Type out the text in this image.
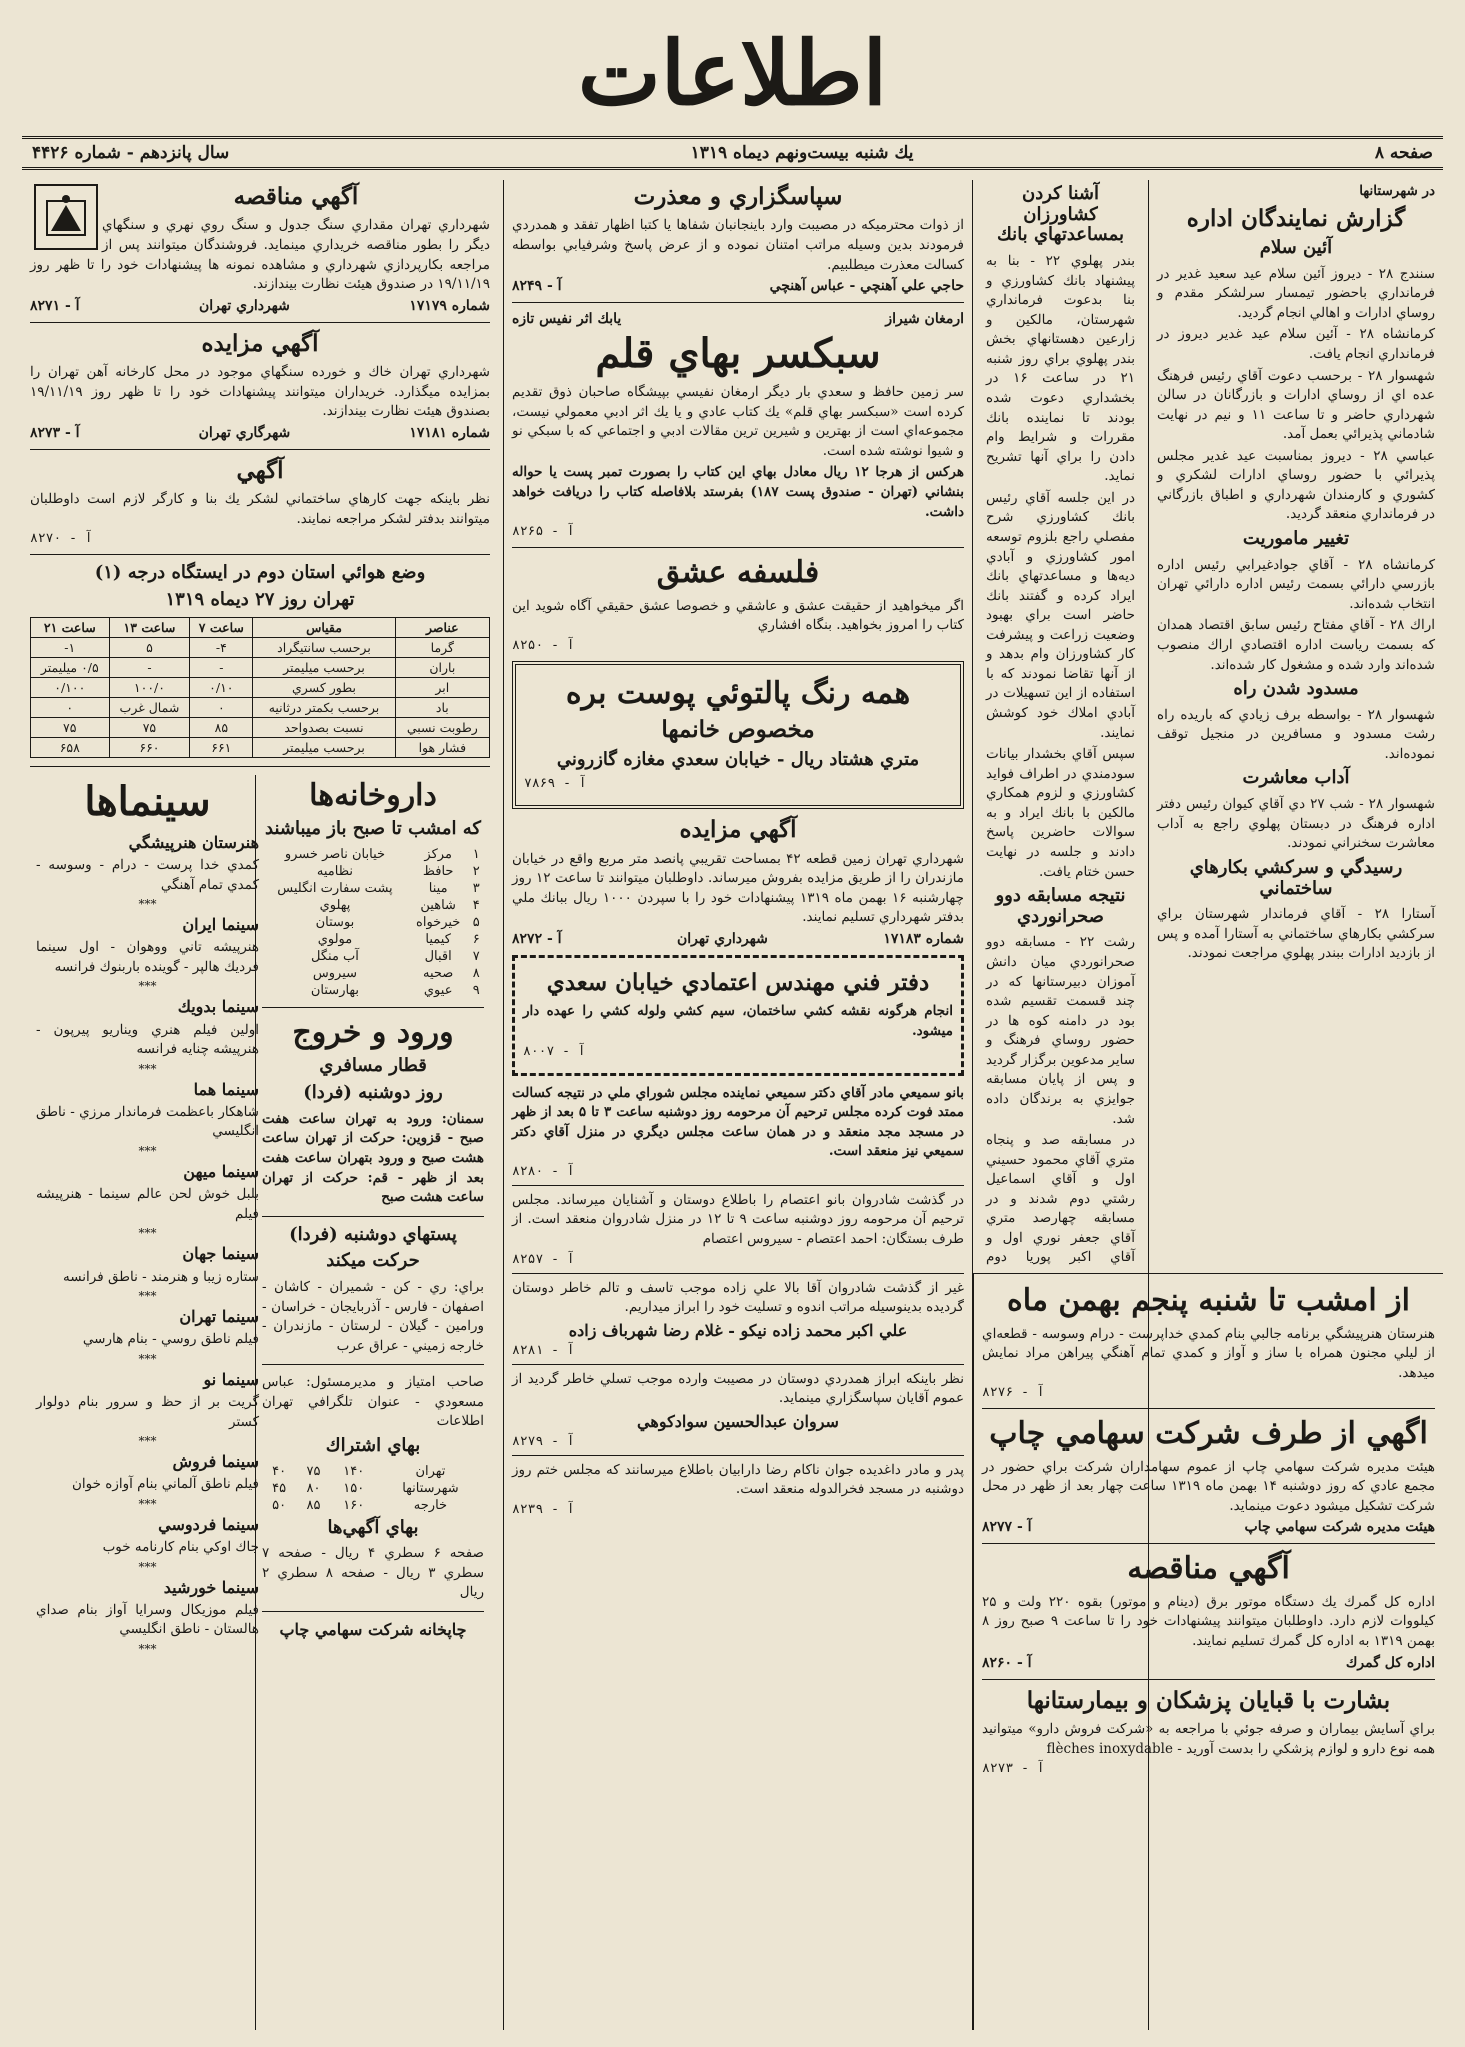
اطلاعات
صفحه ۸
يك شنبه بيست‌ونهم دیماه ۱۳۱۹
سال پانزدهم - شماره ۴۴۲۶
در شهرستانها
گزارش نمايندگان اداره
آئين سلام

سنندج ۲۸ - ديروز آئين سلام عيد سعيد غدير در فرمانداري باحضور تيمسار سرلشكر مقدم و روساي ادارات و اهالي انجام گرديد.

كرمانشاه ۲۸ - آئين سلام عيد غدير ديروز در فرمانداري انجام يافت.

شهسوار ۲۸ - برحسب دعوت آقاي رئيس فرهنگ عده اي از روساي ادارات و بازرگانان در سالن شهرداري حاضر و تا ساعت ۱۱ و نيم در نهايت شادماني پذيرائي بعمل آمد.

عباسي ۲۸ - ديروز بمناسبت عيد غدير مجلس پذيرائي با حضور روساي ادارات لشكري و كشوري و كارمندان شهرداري و اطباق بازرگاني در فرمانداري منعقد گرديد.

تغيير ماموريت

كرمانشاه ۲۸ - آقاي جوادغيرابي رئيس اداره بازرسي دارائي بسمت رئيس اداره دارائي تهران انتخاب شده‌اند.

اراك ۲۸ - آقاي مفتاح رئيس سابق اقتصاد همدان كه بسمت رياست اداره اقتصادي اراك منصوب شده‌اند وارد شده و مشغول كار شده‌اند.

مسدود شدن راه

شهسوار ۲۸ - بواسطه برف زيادي كه باريده راه رشت مسدود و مسافرين در منجيل توقف نموده‌اند.

آداب معاشرت

شهسوار ۲۸ - شب ۲۷ دي آقاي كيوان رئيس دفتر اداره فرهنگ در دبستان پهلوي راجع به آداب معاشرت سخنراني نمودند.

رسيدگي و سركشي بكارهاي ساختماني

آستارا ۲۸ - آقاي فرماندار شهرستان براي سركشي بكارهاي ساختماني به آستارا آمده و پس از بازديد ادارات ببندر پهلوي مراجعت نمودند.

از امشب تا شنبه پنجم بهمن ماه

هنرستان هنرپيشگي برنامه جالبي بنام كمدي خداپرست - درام وسوسه - قطعه‌اي از ليلي مجنون همراه با ساز و آواز و كمدي تمام آهنگي پيراهن مراد نمايش ميدهد.

آ - ۸۲۷۶
اگهي از طرف شركت سهامي چاپ

هيئت مديره شركت سهامي چاپ از عموم سهامداران شركت براي حضور در مجمع عادي كه روز دوشنبه ۱۴ بهمن ماه ۱۳۱۹ ساعت چهار بعد از ظهر در محل شركت تشكيل ميشود دعوت مينمايد.

هيئت مديره شركت سهامي چاپ
آ - ۸۲۷۷
آگهي مناقصه

اداره كل گمرك يك دستگاه موتور برق (دينام و موتور) بقوه ۲۲۰ ولت و ۲۵ كيلووات لازم دارد. داوطلبان ميتوانند پيشنهادات خود را تا ساعت ۹ صبح روز ۸ بهمن ۱۳۱۹ به اداره كل گمرك تسليم نمايند.

اداره كل گمرك
آ - ۸۲۶۰
بشارت با قبايان پزشكان و بيمارستانها

براي آسايش بيماران و صرفه جوئي با مراجعه به «شركت فروش دارو» ميتوانيد همه نوع دارو و لوازم پزشكي را بدست آوريد - flèches inoxydable

آ - ۸۲۷۳
آشنا كردن كشاورزان بمساعدتهاي بانك

بندر پهلوي ۲۲ - بنا به پيشنهاد بانك كشاورزي و بنا بدعوت فرمانداري شهرستان، مالكين و زارعين دهستانهاي بخش بندر پهلوي براي روز شنبه ۲۱ در ساعت ۱۶ در بخشداري دعوت شده بودند تا نماينده بانك مقررات و شرايط وام دادن را براي آنها تشريح نمايد.

در اين جلسه آقاي رئيس بانك كشاورزي شرح مفصلي راجع بلزوم توسعه امور كشاورزي و آبادي ديه‌ها و مساعدتهاي بانك ايراد كرده و گفتند بانك حاضر است براي بهبود وضعيت زراعت و پيشرفت كار كشاورزان وام بدهد و از آنها تقاضا نمودند كه با استفاده از اين تسهيلات در آبادي املاك خود كوشش نمايند.

سپس آقاي بخشدار بيانات سودمندي در اطراف فوايد كشاورزي و لزوم همكاري مالكين با بانك ايراد و به سوالات حاضرين پاسخ دادند و جلسه در نهايت حسن ختام يافت.

نتيجه مسابقه دوو صحرانوردي

رشت ۲۲ - مسابقه دوو صحرانوردي ميان دانش آموزان دبيرستانها كه در چند قسمت تقسيم شده بود در دامنه كوه ها در حضور روساي فرهنگ و ساير مدعوين برگزار گرديد و پس از پايان مسابقه جوايزي به برندگان داده شد.

در مسابقه صد و پنجاه متري آقاي محمود حسيني اول و آقاي اسماعيل رشتي دوم شدند و در مسابقه چهارصد متري آقاي جعفر نوري اول و آقاي اكبر پوريا دوم

سپاسگزاري و معذرت

از ذوات محترميكه در مصيبت وارد باينجانبان شفاها يا كتبا اظهار تفقد و همدردي فرمودند بدين وسيله مراتب امتنان نموده و از عرض پاسخ وشرفيابي بواسطه كسالت معذرت ميطلبيم.

حاجي علي آهنچي - عباس آهنچي
آ - ۸۲۴۹
ارمغان شيراز
يابك اثر نفيس تازه
سبكسر بهاي قلم

سر زمين حافظ و سعدي بار ديگر ارمغان نفيسي بپيشگاه صاحبان ذوق تقديم كرده است «سبكسر بهاي قلم» يك كتاب عادي و يا يك اثر ادبي معمولي نيست، مجموعه‌اي است از بهترين و شيرين ترين مقالات ادبي و اجتماعي كه با سبكي نو و شيوا نوشته شده است.

هركس از هرجا ۱۲ ريال معادل بهاي اين كتاب را بصورت تمبر پست يا حواله بنشاني (تهران - صندوق پست ۱۸۷) بفرستد بلافاصله كتاب را دريافت خواهد داشت.

آ - ۸۲۶۵
فلسفه عشق

اگر ميخواهيد از حقيقت عشق و عاشقي و خصوصا عشق حقيقي آگاه شويد اين كتاب را امروز بخواهيد. بنگاه افشاري

آ - ۸۲۵۰
همه رنگ پالتوئي پوست بره
مخصوص خانمها
متري هشتاد ريال - خيابان سعدي مغازه گازروني
آ - ۷۸۶۹
آگهي مزايده

شهرداري تهران زمين قطعه ۴۲ بمساحت تقريبي پانصد متر مربع واقع در خيابان مازندران را از طريق مزايده بفروش ميرساند. داوطلبان ميتوانند تا ساعت ۱۲ روز چهارشنبه ۱۶ بهمن ماه ۱۳۱۹ پيشنهادات خود را با سپردن ۱۰۰۰ ريال ببانك ملي بدفتر شهرداري تسليم نمايند.

شماره ۱۷۱۸۳
شهرداري تهران
آ - ۸۲۷۲
دفتر فني مهندس اعتمادي خيابان سعدي

انجام هرگونه نقشه كشي ساختمان، سيم كشي ولوله كشي را عهده دار ميشود.

آ - ۸۰۰۷

بانو سميعي مادر آقاي دكتر سميعي نماينده مجلس شوراي ملي در نتيجه كسالت ممتد فوت كرده مجلس ترحيم آن مرحومه روز دوشنبه ساعت ۳ تا ۵ بعد از ظهر در مسجد مجد منعقد و در همان ساعت مجلس ديگري در منزل آقاي دكتر سميعي نيز منعقد است.

آ - ۸۲۸۰

در گذشت شادروان بانو اعتصام را باطلاع دوستان و آشنايان ميرساند. مجلس ترحيم آن مرحومه روز دوشنبه ساعت ۹ تا ۱۲ در منزل شادروان منعقد است. از طرف بستگان: احمد اعتصام - سيروس اعتصام

آ - ۸۲۵۷

غير از گذشت شادروان آقا بالا علي زاده موجب تاسف و تالم خاطر دوستان گرديده بدينوسيله مراتب اندوه و تسليت خود را ابراز ميداريم.

علي اكبر محمد زاده نيكو - غلام رضا شهرباف زاده
آ - ۸۲۸۱

نظر باينكه ابراز همدردي دوستان در مصيبت وارده موجب تسلي خاطر گرديد از عموم آقايان سپاسگزاري مينمايد.

سروان عبدالحسين سوادكوهي
آ - ۸۲۷۹

پدر و مادر داغديده جوان ناكام رضا دارابيان باطلاع ميرسانند كه مجلس ختم روز دوشنبه در مسجد فخرالدوله منعقد است.

آ - ۸۲۳۹
آگهي مناقصه

شهرداري تهران مقداري سنگ جدول و سنگ روي نهري و سنگهاي ديگر را بطور مناقصه خريداري مينمايد. فروشندگان ميتوانند پس از مراجعه بكارپردازي شهرداري و مشاهده نمونه ها پيشنهادات خود را تا ظهر روز ۱۹/۱۱/۱۹ در صندوق هيئت نظارت بيندازند.

شماره ۱۷۱۷۹
شهرداري تهران
آ - ۸۲۷۱
آگهي مزايده

شهرداري تهران خاك و خورده سنگهاي موجود در محل كارخانه آهن تهران را بمزايده ميگذارد. خريداران ميتوانند پيشنهادات خود را تا ظهر روز ۱۹/۱۱/۱۹ بصندوق هيئت نظارت بيندازند.

شماره ۱۷۱۸۱
شهرگاري تهران
آ - ۸۲۷۳
آگهي

نظر باينكه جهت كارهاي ساختماني لشكر يك بنا و كارگر لازم است داوطلبان ميتوانند بدفتر لشكر مراجعه نمايند.

آ - ۸۲۷۰
وضع هوائي استان دوم در ايستگاه درجه (۱)
تهران روز ۲۷ ديماه ۱۳۱۹
عناصر	مقياس	ساعت ۷	ساعت ۱۳	ساعت ۲۱
گرما	برحسب سانتيگراد	۴-	۵	۱-
باران	برحسب ميليمتر	-	-	۰/۵ ميليمتر
ابر	بطور كسري	۰/۱۰	۱۰۰/۰	۰/۱۰۰
باد	برحسب بكمتر درثانيه	۰	شمال غرب	۰
رطوبت نسبي	نسبت بصدواحد	۸۵	۷۵	۷۵
فشار هوا	برحسب ميليمتر	۶۶۱	۶۶۰	۶۵۸
داروخانه‌ها
كه امشب تا صبح باز ميباشند
۱	مركز	خيابان ناصر خسرو
۲	حافظ	نظاميه
۳	مينا	پشت سفارت انگليس
۴	شاهين	پهلوي
۵	خيرخواه	بوستان
۶	كيميا	مولوي
۷	اقبال	آب منگل
۸	صحيه	سيروس
۹	عيوي	بهارستان
ورود و خروج
قطار مسافري
روز دوشنبه (فردا)

سمنان: ورود به تهران ساعت هفت صبح - قزوين: حركت از تهران ساعت هشت صبح و ورود بتهران ساعت هفت بعد از ظهر - قم: حركت از تهران ساعت هشت صبح

پستهاي دوشنبه (فردا)
حركت ميكند

براي: ري - كن - شميران - كاشان - اصفهان - فارس - آذربايجان - خراسان - ورامين - گيلان - لرستان - مازندران - خارجه زميني - عراق عرب

صاحب امتياز و مديرمسئول: عباس مسعودي - عنوان تلگرافي تهران اطلاعات

بهاي اشتراك
تهران	۱۴۰	۷۵	۴۰
شهرستانها	۱۵۰	۸۰	۴۵
خارجه	۱۶۰	۸۵	۵۰
بهاي آگهي‌ها

صفحه ۶ سطري ۴ ريال - صفحه ۷ سطري ۳ ريال - صفحه ۸ سطري ۲ ريال

چاپخانه شركت سهامي چاپ
سينماها
هنرستان هنرپيشگي

كمدي خدا پرست - درام - وسوسه - كمدي تمام آهنگي

***
سينما ايران

هنرپيشه تاني ووهوان - اول سينما فرديك هالپر - گوينده باربنوك فرانسه

***
سينما بدويك

اولين فيلم هنري ويناريو پيرپون - هنرپيشه چنايه فرانسه

***
سينما هما

شاهكار باعظمت فرماندار مرزي - ناطق انگليسي

***
سينما ميهن

بلبل خوش لحن عالم سينما - هنرپيشه فيلم

***
سينما جهان

ستاره زيبا و هنرمند - ناطق فرانسه

***
سينما تهران

فيلم ناطق روسي - بنام هارسي

***
سينما نو

گريت بر از حظ و سرور بنام دولوار كستر

***
سينما فروش

فيلم ناطق آلماني بنام آوازه خوان

***
سينما فردوسي

جاك اوكي بنام كارنامه خوب

***
سينما خورشيد

فيلم موزيكال وسرايا آواز بنام صداي هالستان - ناطق انگليسي

***
